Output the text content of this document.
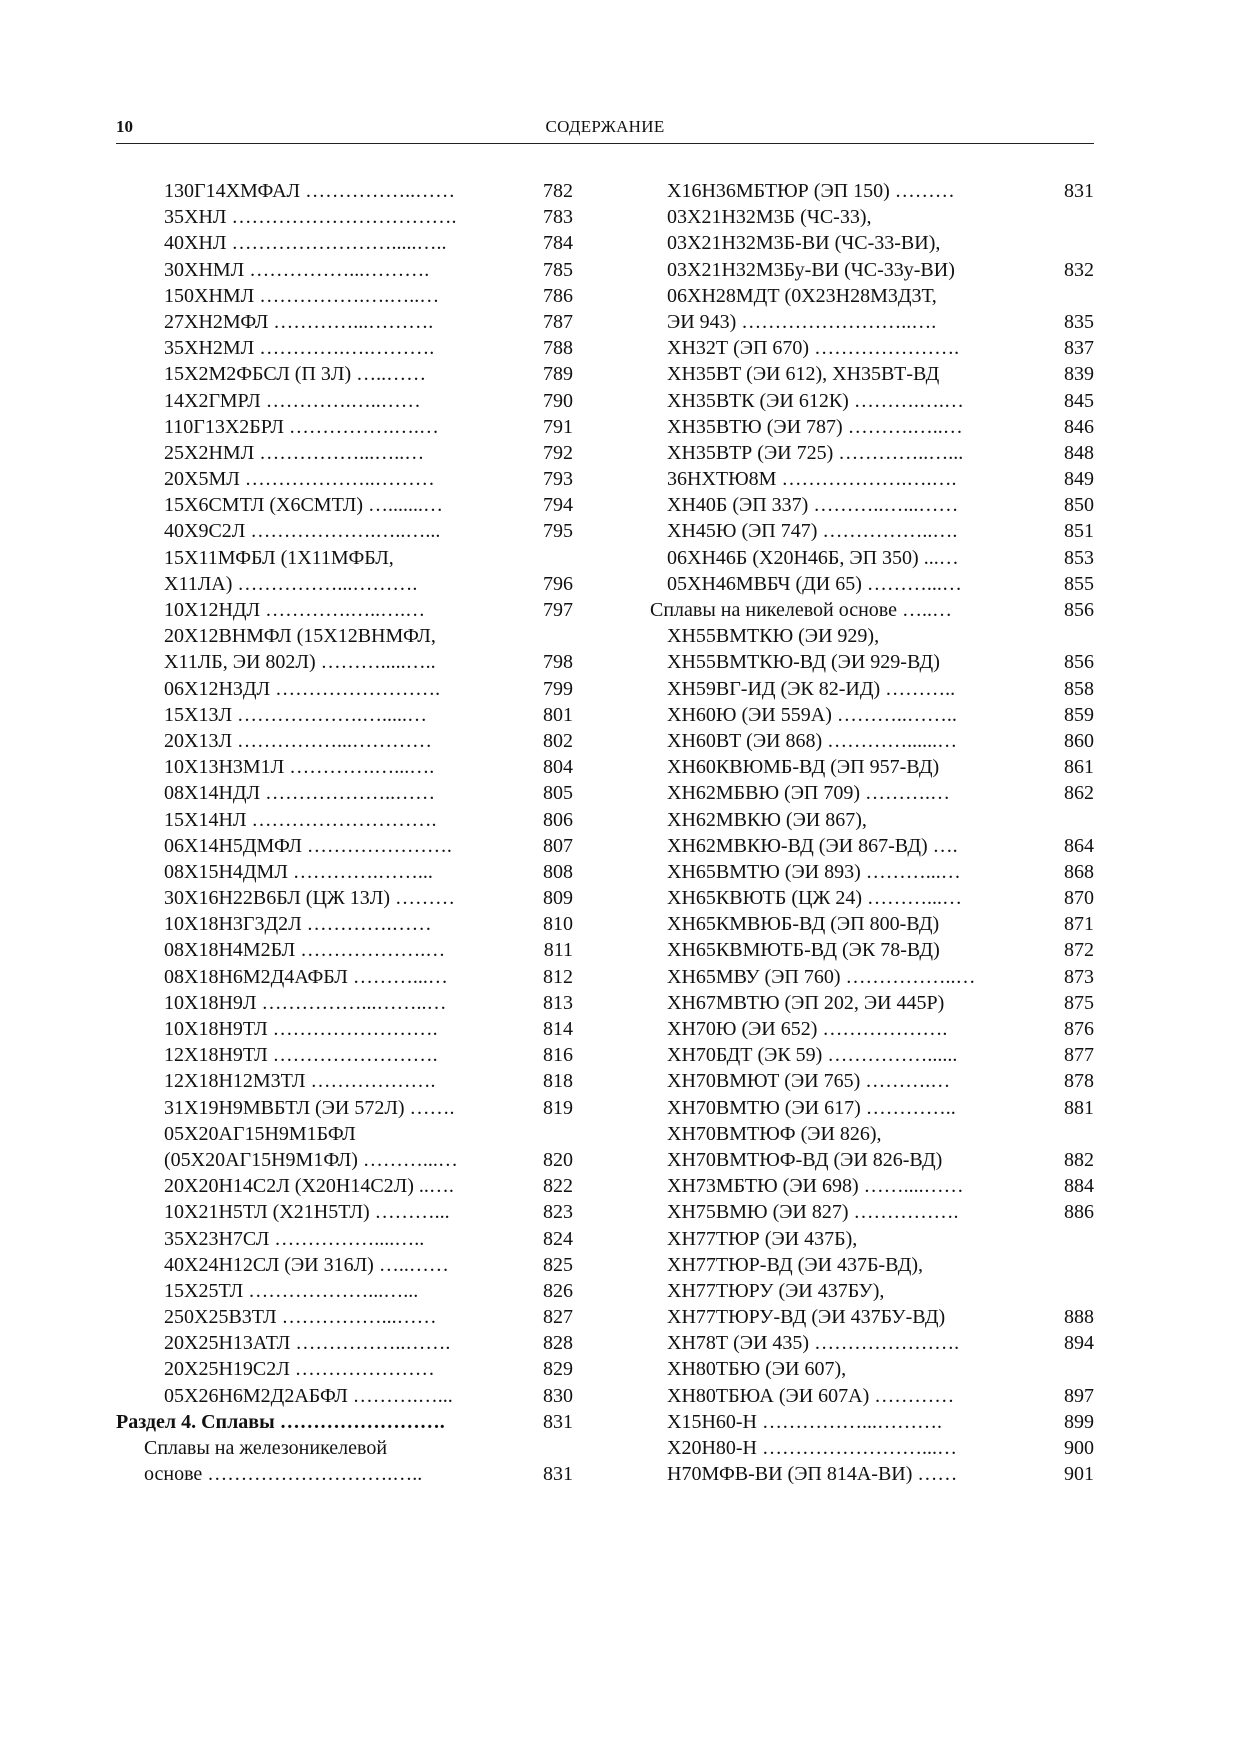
10	СОДЕРЖАНИЕ
130Г14ХМФАЛ ……………..……	782
35ХНЛ …………………………….	783
40ХНЛ …………………….....…..	784
30ХНМЛ ……………...……….	785
150ХНМЛ …………….….…..…	786
27ХН2МФЛ …………...……….	787
35ХН2МЛ ………….….……….	788
15Х2М2ФБСЛ (П 3Л) …..……	789
14Х2ГМРЛ ………….…..……	790
110Г13Х2БРЛ …………….….…	791
25Х2НМЛ ……………...…..…	792
20Х5МЛ ………………..………	793
15Х6СМТЛ (Х6СМТЛ) ….......…	794
40Х9С2Л ……………….…..…...	795
15Х11МФБЛ (1Х11МФБЛ,
Х11ЛА) ……………...……….	796
10Х12НДЛ ………….…..….…	797
20Х12ВНМФЛ (15Х12ВНМФЛ,
Х11ЛБ, ЭИ 802Л) ……….....…..	798
06Х12Н3ДЛ …………………….	799
15Х13Л ……………….….....…	801
20Х13Л ……………...…………	802
10Х13Н3М1Л ………….…...….	804
08Х14НДЛ ………………..……	805
15Х14НЛ ……………………….	806
06Х14Н5ДМФЛ ………………….	807
08Х15Н4ДМЛ ………….……...	808
30Х16Н22В6БЛ (ЦЖ 13Л) ………	809
10Х18Н3Г3Д2Л ………….……	810
08Х18Н4М2БЛ ……………….…	811
08Х18Н6М2Д4АФБЛ ………...…	812
10Х18Н9Л ……………...……..…	813
10Х18Н9ТЛ …………………….	814
12Х18Н9ТЛ …………………….	816
12Х18Н12М3ТЛ ……………….	818
31Х19Н9МВБТЛ (ЭИ 572Л) …….	819
05Х20АГ15Н9М1БФЛ
(05Х20АГ15Н9М1ФЛ) ………...…	820
20Х20Н14С2Л (Х20Н14С2Л) ..….	822
10Х21Н5ТЛ (Х21Н5ТЛ) ………...	823
35Х23Н7СЛ ……………....…..	824
40Х24Н12СЛ (ЭИ 316Л) …..……	825
15Х25ТЛ ………………...…...	826
250Х25В3ТЛ ……………...……	827
20Х25Н13АТЛ ……………..…….	828
20Х25Н19С2Л …………………	829
05Х26Н6М2Д2АБФЛ ……….…...	830
Раздел 4. Сплавы …………………….	831
Сплавы на железоникелевой
основе ……………………….…..	831
Х16Н36МБТЮР (ЭП 150) ………	831
03Х21Н32М3Б (ЧС-33),
03Х21Н32М3Б-ВИ (ЧС-33-ВИ),
03Х21Н32М3Бу-ВИ (ЧС-33у-ВИ)	832
06ХН28МДТ (0Х23Н28М3Д3Т,
ЭИ 943) ……………………..….	835
ХН32Т (ЭП 670) ………………….	837
ХН35ВТ (ЭИ 612), ХН35ВТ-ВД	839
ХН35ВТК (ЭИ 612К) ……….….…	845
ХН35ВТЮ (ЭИ 787) ……….…..…	846
ХН35ВТР (ЭИ 725) …………..…...	848
36НХТЮ8М ……………….….….	849
ХН40Б (ЭП 337) ………..…...……	850
ХН45Ю (ЭП 747) ……………..….	851
06ХН46Б (Х20Н46Б, ЭП 350) ...…	853
05ХН46МВБЧ (ДИ 65) ………...…	855
Сплавы на никелевой основе …..…	856
ХН55ВМТКЮ (ЭИ 929),
ХН55ВМТКЮ-ВД (ЭИ 929-ВД)	856
ХН59ВГ-ИД (ЭК 82-ИД) ………..	858
ХН60Ю (ЭИ 559А) ………..……..	859
ХН60ВТ (ЭИ 868) …………......…	860
ХН60КВЮМБ-ВД (ЭП 957-ВД)	861
ХН62МБВЮ (ЭП 709) ……….…	862
ХН62МВКЮ (ЭИ 867),
ХН62МВКЮ-ВД (ЭИ 867-ВД) ….	864
ХН65ВМТЮ (ЭИ 893) ………...…	868
ХН65КВЮТБ (ЦЖ 24) ………...…	870
ХН65КМВЮБ-ВД (ЭП 800-ВД)	871
ХН65КВМЮТБ-ВД (ЭК 78-ВД)	872
ХН65МВУ (ЭП 760) ……………..…	873
ХН67МВТЮ (ЭП 202, ЭИ 445Р)	875
ХН70Ю (ЭИ 652) ……………….	876
ХН70БДТ (ЭК 59) ……………......	877
ХН70ВМЮТ (ЭИ 765) ……….…	878
ХН70ВМТЮ (ЭИ 617) …………..	881
ХН70ВМТЮФ (ЭИ 826),
ХН70ВМТЮФ-ВД (ЭИ 826-ВД)	882
ХН73МБТЮ (ЭИ 698) ……....……	884
ХН75ВМЮ (ЭИ 827) …………….	886
ХН77ТЮР (ЭИ 437Б),
ХН77ТЮР-ВД (ЭИ 437Б-ВД),
ХН77ТЮРУ (ЭИ 437БУ),
ХН77ТЮРУ-ВД (ЭИ 437БУ-ВД)	888
ХН78Т (ЭИ 435) ………………….	894
ХН80ТБЮ (ЭИ 607),
ХН80ТБЮА (ЭИ 607А) …………	897
Х15Н60-Н ……………...……….	899
Х20Н80-Н ……………………...…	900
Н70МФВ-ВИ (ЭП 814А-ВИ) ……	901
